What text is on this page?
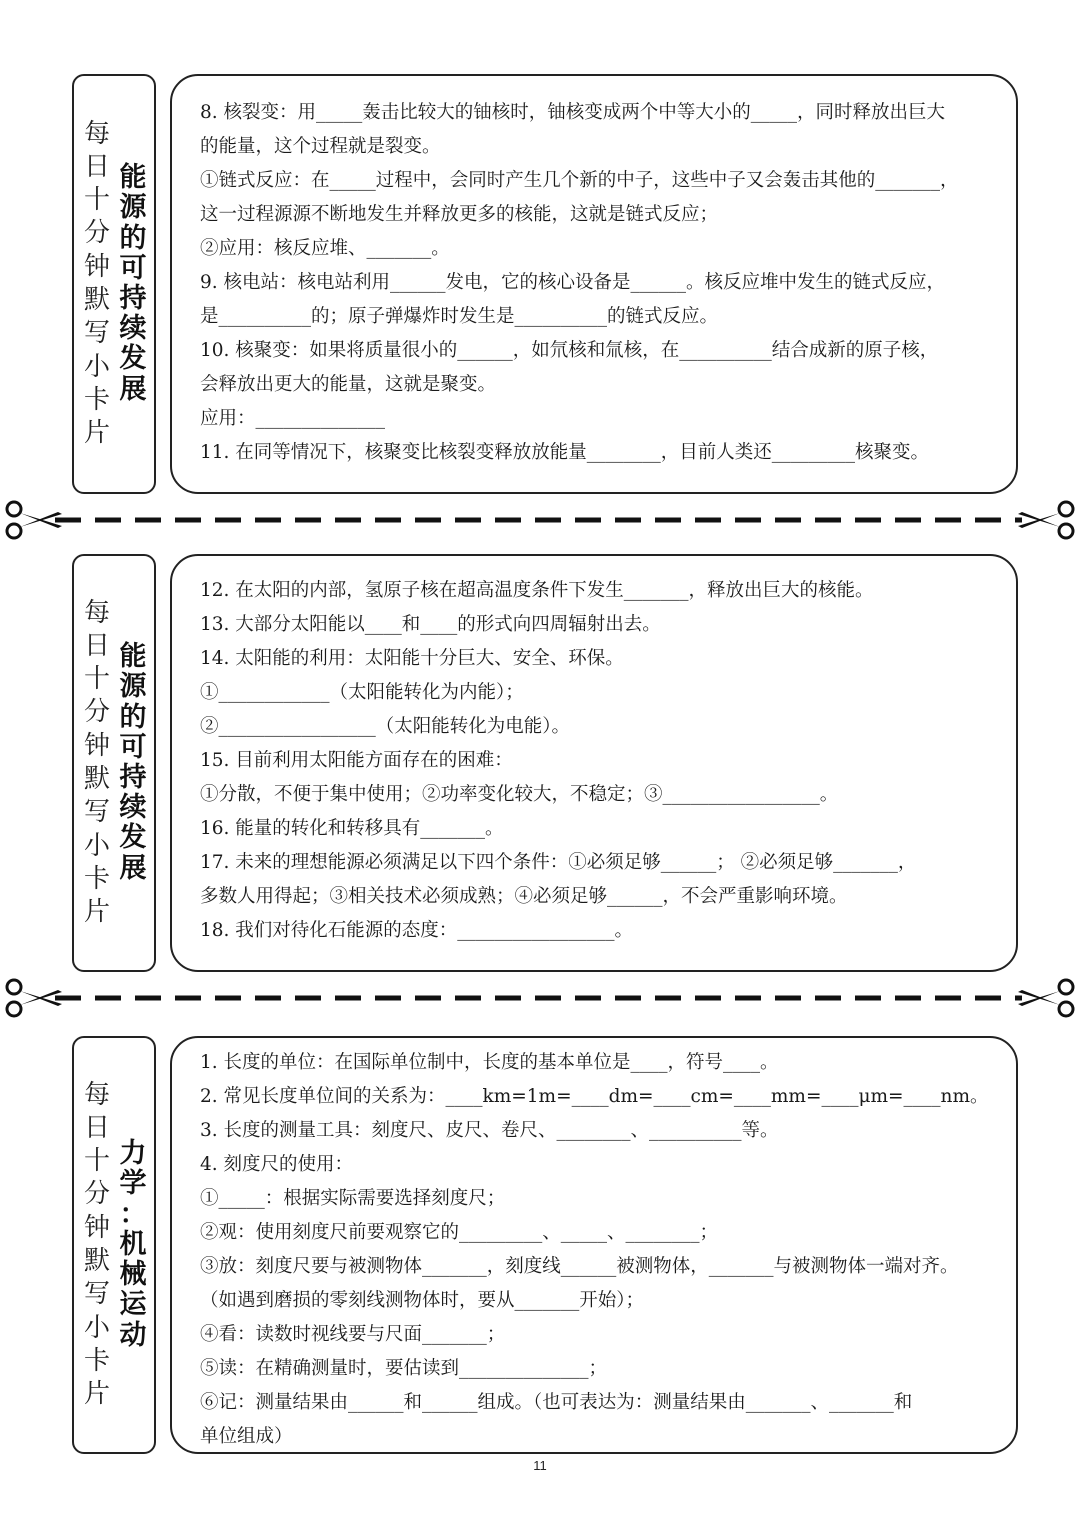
每
日
十
分
钟
默
写
小
卡
片
能
源
的
可
持
续
发
展

8. 核裂变：用_____轰击比较大的铀核时，铀核变成两个中等大小的_____，同时释放出巨大

的能量，这个过程就是裂变。

①链式反应：在_____过程中，会同时产生几个新的中子，这些中子又会轰击其他的_______，

这一过程源源不断地发生并释放更多的核能，这就是链式反应；

②应用：核反应堆、_______。

9. 核电站：核电站利用______发电，它的核心设备是______。核反应堆中发生的链式反应，

是__________的；原子弹爆炸时发生是__________的链式反应。

10. 核聚变：如果将质量很小的______，如氘核和氚核，在__________结合成新的原子核，

会释放出更大的能量，这就是聚变。

应用：______________

11. 在同等情况下，核聚变比核裂变释放放能量________，目前人类还_________核聚变。

每
日
十
分
钟
默
写
小
卡
片
能
源
的
可
持
续
发
展

12. 在太阳的内部，氢原子核在超高温度条件下发生_______，释放出巨大的核能。

13. 大部分太阳能以____和____的形式向四周辐射出去。

14. 太阳能的利用：太阳能十分巨大、安全、环保。

①____________（太阳能转化为内能）；

②_________________（太阳能转化为电能）。

15. 目前利用太阳能方面存在的困难：

①分散，不便于集中使用；②功率变化较大，不稳定；③_________________。

16. 能量的转化和转移具有_______。

17. 未来的理想能源必须满足以下四个条件：①必须足够______； ②必须足够_______，

多数人用得起；③相关技术必须成熟；④必须足够______，不会严重影响环境。

18. 我们对待化石能源的态度：_________________。

每
日
十
分
钟
默
写
小
卡
片
力
学
：
机
械
运
动

1. 长度的单位：在国际单位制中，长度的基本单位是____，符号____。

2. 常见长度单位间的关系为：____km=1m=____dm=____cm=____mm=____μm=____nm。

3. 长度的测量工具：刻度尺、皮尺、卷尺、________、__________等。

4. 刻度尺的使用：

①_____：根据实际需要选择刻度尺；

②观：使用刻度尺前要观察它的_________、_____、________；

③放：刻度尺要与被测物体_______，刻度线______被测物体，_______与被测物体一端对齐。

（如遇到磨损的零刻线测物体时，要从_______开始）；

④看：读数时视线要与尺面_______；

⑤读：在精确测量时，要估读到______________；

⑥记：测量结果由______和______组成。（也可表达为：测量结果由_______、_______和

单位组成）

11
